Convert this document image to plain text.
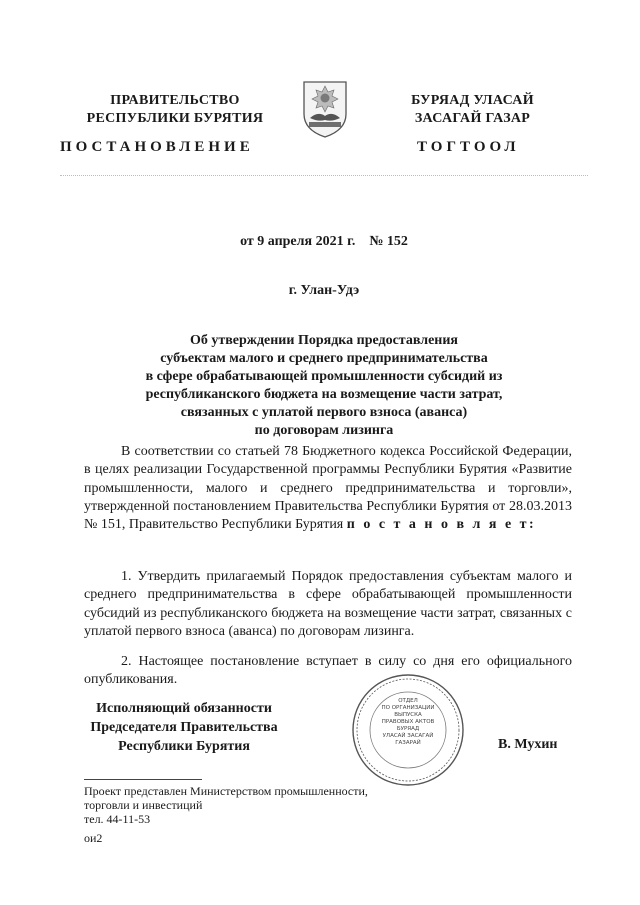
ПРАВИТЕЛЬСТВО
РЕСПУБЛИКИ БУРЯТИЯ
БУРЯАД УЛАСАЙ
ЗАСАГАЙ ГАЗАР
ПОСТАНОВЛЕНИЕ	ТОГТООЛ
от 9 апреля 2021 г.    № 152
г. Улан-Удэ
Об утверждении Порядка предоставления
субъектам малого и среднего предпринимательства
в сфере обрабатывающей промышленности субсидий из
республиканского бюджета на возмещение части затрат,
связанных с уплатой первого взноса (аванса)
по договорам лизинга
В соответствии со статьей 78 Бюджетного кодекса Российской Федерации, в целях реализации Государственной программы Республики Бурятия «Развитие промышленности, малого и среднего предпринимательства и торговли», утвержденной постановлением Правительства Республики Бурятия от 28.03.2013 № 151, Правительство Республики Бурятия п о с т а н о в л я е т:
1. Утвердить прилагаемый Порядок предоставления субъектам малого и среднего предпринимательства в сфере обрабатывающей промышленности субсидий из республиканского бюджета на возмещение части затрат, связанных с уплатой первого взноса (аванса) по договорам лизинга.
2. Настоящее постановление вступает в силу со дня его официального опубликования.
Исполняющий обязанности
Председателя Правительства
Республики Бурятия
ОТДЕЛ
ПО ОРГАНИЗАЦИИ
ВЫПУСКА
ПРАВОВЫХ АКТОВ
БУРЯАД
УЛАСАЙ ЗАСАГАЙ
ГАЗАРАЙ	В. Мухин
Проект представлен Министерством промышленности,
торговли и инвестиций
тел. 44-11-53
ои2
